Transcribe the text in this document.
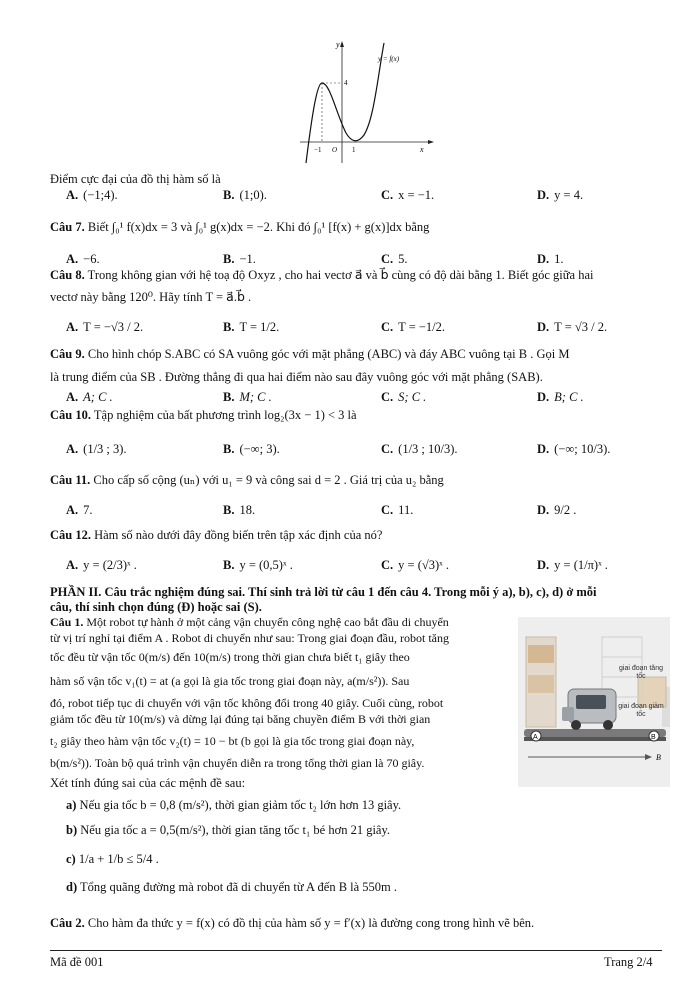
y
x
y = f(x)
4
−1 O 1
Điểm cực đại của đồ thị hàm số là
A. (−1;4).	B. (1;0).	C. x = −1.	D. y = 4.
Câu 7. Biết ∫₀¹ f(x)dx = 3 và ∫₀¹ g(x)dx = −2. Khi đó ∫₀¹ [f(x) + g(x)]dx bằng
A. −6.	B. −1.	C. 5.	D. 1.
Câu 8. Trong không gian với hệ toạ độ Oxyz , cho hai vectơ a⃗ và b⃗ cùng có độ dài bằng 1. Biết góc giữa hai
vectơ này bằng 120⁰. Hãy tính T = a⃗.b⃗ .
A. T = −√3 / 2.	B. T = 1/2.	C. T = −1/2.	D. T = √3 / 2.
Câu 9. Cho hình chóp S.ABC có SA vuông góc với mặt phẳng (ABC) và đáy ABC vuông tại B . Gọi M
là trung điểm của SB . Đường thẳng đi qua hai điểm nào sau đây vuông góc với mặt phẳng (SAB).
A. A; C .	B. M; C .	C. S; C .	D. B; C .
Câu 10. Tập nghiệm của bất phương trình log₂(3x − 1) < 3 là
A. (1/3 ; 3).	B. (−∞; 3).	C. (1/3 ; 10/3).	D. (−∞; 10/3).
Câu 11. Cho cấp số cộng (uₙ) với u₁ = 9 và công sai d = 2 . Giá trị của u₂ bằng
A. 7.	B. 18.	C. 11.	D. 9/2 .
Câu 12. Hàm số nào dưới đây đồng biến trên tập xác định của nó?
A. y = (2/3)ˣ .	B. y = (0,5)ˣ .	C. y = (√3)ˣ .	D. y = (1/π)ˣ .
PHẦN II. Câu trắc nghiệm đúng sai. Thí sinh trả lời từ câu 1 đến câu 4. Trong mỗi ý a), b), c), d) ở mỗi
câu, thí sinh chọn đúng (Đ) hoặc sai (S).
Câu 1. Một robot tự hành ở một cảng vận chuyển công nghệ cao bắt đầu di chuyển
từ vị trí nghỉ tại điểm A . Robot di chuyển như sau: Trong giai đoạn đầu, robot tăng
tốc đều từ vận tốc 0(m/s) đến 10(m/s) trong thời gian chưa biết t₁ giây theo
hàm số vận tốc v₁(t) = at (a gọi là gia tốc trong giai đoạn này, a(m/s²)). Sau
đó, robot tiếp tục di chuyển với vận tốc không đổi trong 40 giây. Cuối cùng, robot
giảm tốc đều từ 10(m/s) và dừng lại đúng tại băng chuyền điểm B với thời gian
t₂ giây theo hàm vận tốc v₂(t) = 10 − bt (b gọi là gia tốc trong giai đoạn này,
b(m/s²)). Toàn bộ quá trình vận chuyển diễn ra trong tổng thời gian là 70 giây.
Xét tính đúng sai của các mệnh đề sau:
a) Nếu gia tốc b = 0,8 (m/s²), thời gian giảm tốc t₂ lớn hơn 13 giây.
b) Nếu gia tốc a = 0,5(m/s²), thời gian tăng tốc t₁ bé hơn 21 giây.
c) 1/a + 1/b ≤ 5/4 .
d) Tổng quãng đường mà robot đã di chuyển từ A đến B là 550m .
A	B
B
giai đoạn tăng tốc
giai đoạn giảm tốc
Câu 2. Cho hàm đa thức y = f(x) có đồ thị của hàm số y = f′(x) là đường cong trong hình vẽ bên.
Mã đề 001	Trang 2/4
